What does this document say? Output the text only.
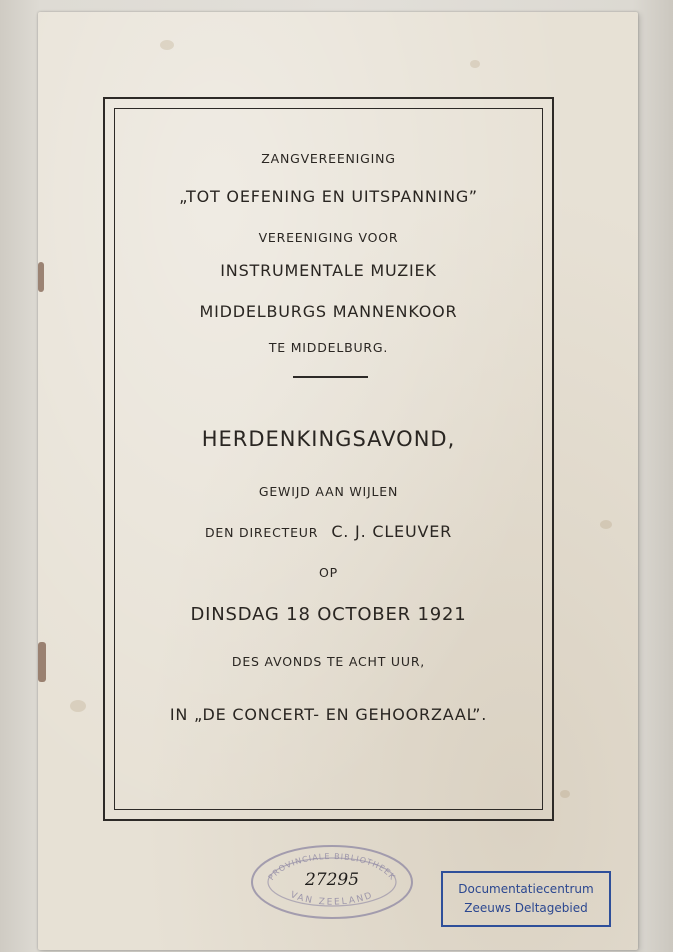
ZANGVEREENIGING
„TOT OEFENING EN UITSPANNING”
VEREENIGING VOOR
INSTRUMENTALE MUZIEK
MIDDELBURGS MANNENKOOR
TE MIDDELBURG.
HERDENKINGSAVOND,
GEWIJD AAN WIJLEN
DEN DIRECTEUR C. J. CLEUVER
OP
DINSDAG 18 OCTOBER 1921
DES AVONDS TE ACHT UUR,
IN „DE CONCERT- EN GEHOORZAAL”.
PROVINCIALE BIBLIOTHEEK
VAN ZEELAND
27295	Documentatiecentrum
Zeeuws Deltagebied
